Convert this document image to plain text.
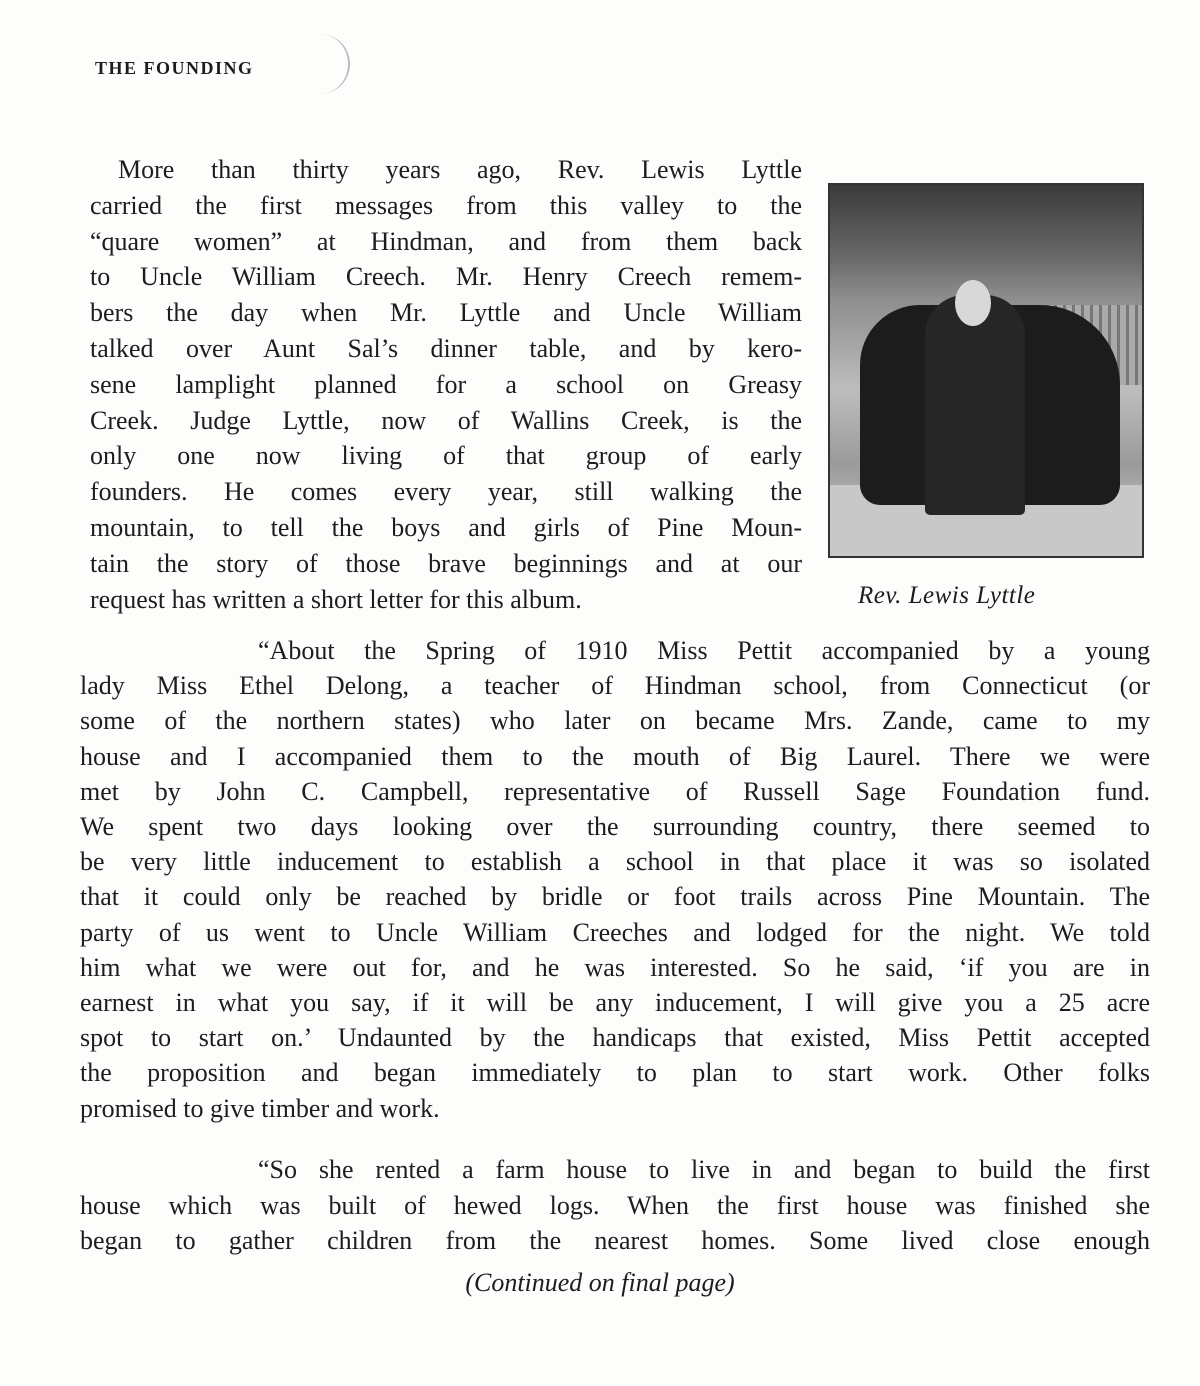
THE FOUNDING
More than thirty years ago, Rev. Lewis Lyttle
carried the first messages from this valley to the
“quare women” at Hindman, and from them back
to Uncle William Creech. Mr. Henry Creech remem-
bers the day when Mr. Lyttle and Uncle William
talked over Aunt Sal’s dinner table, and by kero-
sene lamplight planned for a school on Greasy
Creek. Judge Lyttle, now of Wallins Creek, is the
only one now living of that group of early
founders. He comes every year, still walking the
mountain, to tell the boys and girls of Pine Moun-
tain the story of those brave beginnings and at our
request has written a short letter for this album.	Rev. Lewis Lyttle
“About the Spring of 1910 Miss Pettit accompanied by a young
lady Miss Ethel Delong, a teacher of Hindman school, from Connecticut (or
some of the northern states) who later on became Mrs. Zande, came to my
house and I accompanied them to the mouth of Big Laurel. There we were
met by John C. Campbell, representative of Russell Sage Foundation fund.
We spent two days looking over the surrounding country, there seemed to
be very little inducement to establish a school in that place it was so isolated
that it could only be reached by bridle or foot trails across Pine Mountain. The
party of us went to Uncle William Creeches and lodged for the night. We told
him what we were out for, and he was interested. So he said, ‘if you are in
earnest in what you say, if it will be any inducement, I will give you a 25 acre
spot to start on.’ Undaunted by the handicaps that existed, Miss Pettit accepted
the proposition and began immediately to plan to start work. Other folks
promised to give timber and work.
“So she rented a farm house to live in and began to build the first
house which was built of hewed logs. When the first house was finished she
began to gather children from the nearest homes. Some lived close enough
(Continued on final page)
